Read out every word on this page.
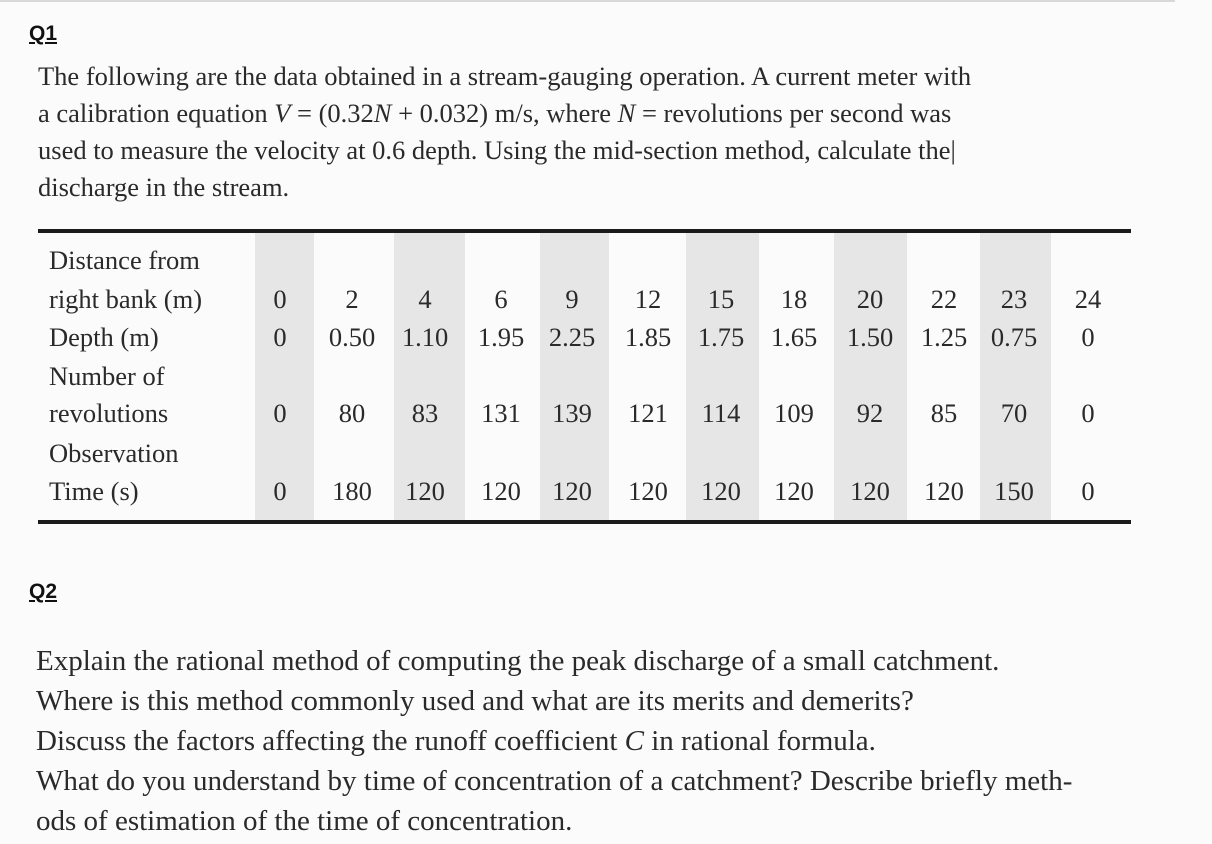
Q1
The following are the data obtained in a stream-gauging operation. A current meter with
a calibration equation V = (0.32N + 0.032) m/s, where N = revolutions per second was
used to measure the velocity at 0.6 depth. Using the mid-section method, calculate the|
discharge in the stream.
Distance from
right bank (m)
Depth (m)
Number of
revolutions
Observation
Time (s)
0 2 4 6 9 12 15 18 20 22 23 24
0 0.50 1.10 1.95 2.25 1.85 1.75 1.65 1.50 1.25 0.75 0
0 80 83 131 139 121 114 109 92 85 70 0
0 180 120 120 120 120 120 120 120 120 150 0
Q2
Explain the rational method of computing the peak discharge of a small catchment.
Where is this method commonly used and what are its merits and demerits?
Discuss the factors affecting the runoff coefficient C in rational formula.
What do you understand by time of concentration of a catchment? Describe briefly meth-
ods of estimation of the time of concentration.
